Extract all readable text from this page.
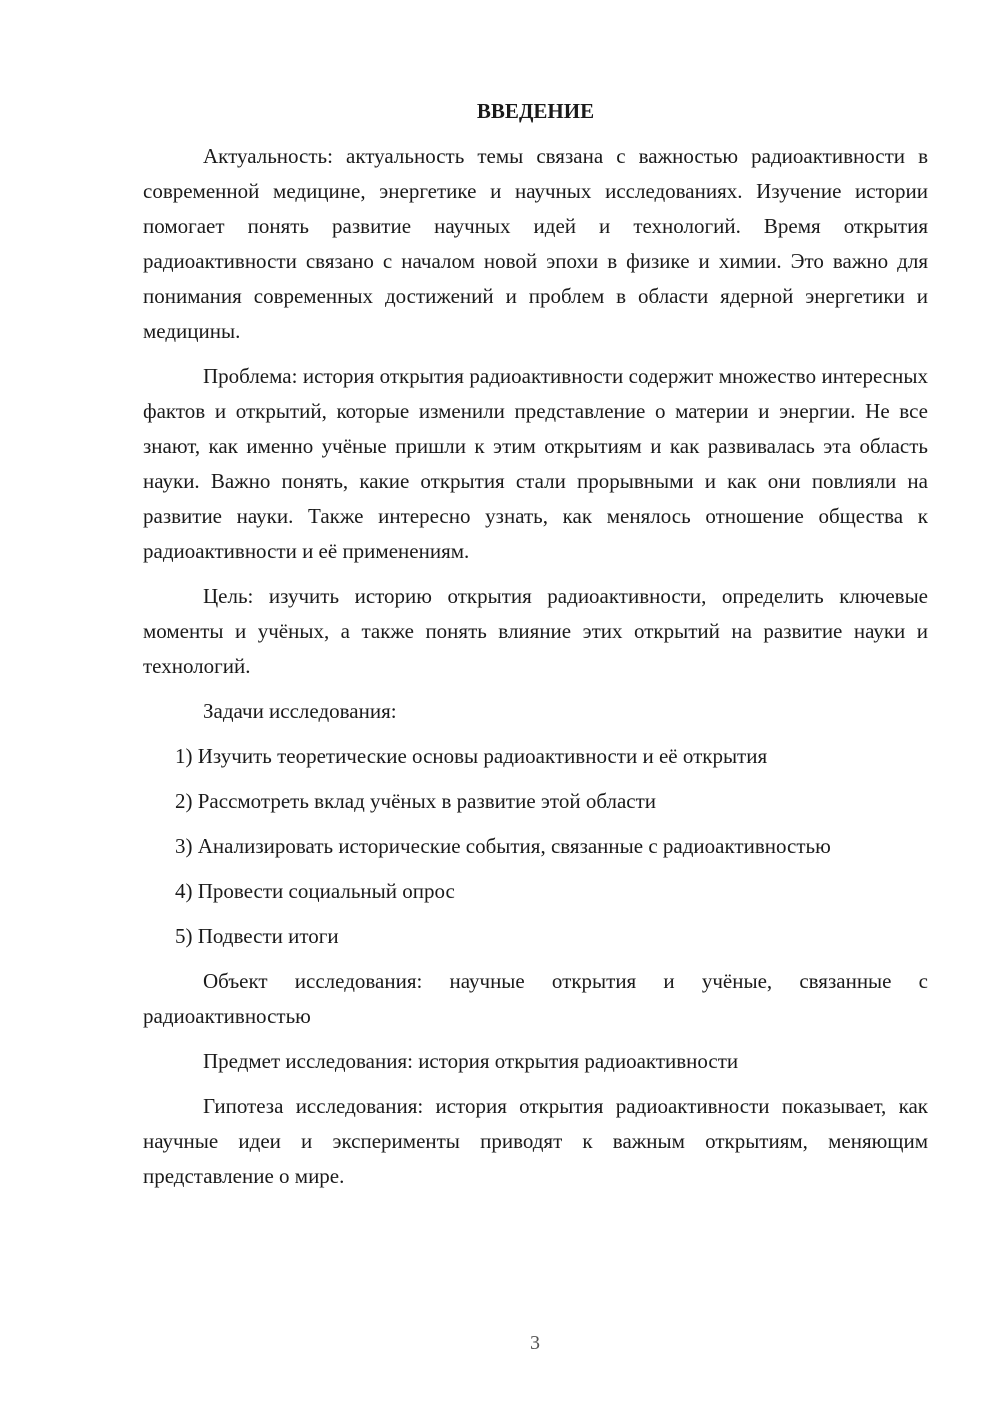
ВВЕДЕНИЕ

Актуальность: актуальность темы связана с важностью радиоактивности в современной медицине, энергетике и научных исследованиях. Изучение истории помогает понять развитие научных идей и технологий. Время открытия радиоактивности связано с началом новой эпохи в физике и химии. Это важно для понимания современных достижений и проблем в области ядерной энергетики и медицины.

Проблема: история открытия радиоактивности содержит множество интересных фактов и открытий, которые изменили представление о материи и энергии. Не все знают, как именно учёные пришли к этим открытиям и как развивалась эта область науки. Важно понять, какие открытия стали прорывными и как они повлияли на развитие науки. Также интересно узнать, как менялось отношение общества к радиоактивности и её применениям.

Цель: изучить историю открытия радиоактивности, определить ключевые моменты и учёных, а также понять влияние этих открытий на развитие науки и технологий.

Задачи исследования:

1) Изучить теоретические основы радиоактивности и её открытия

2) Рассмотреть вклад учёных в развитие этой области

3) Анализировать исторические события, связанные с радиоактивностью

4) Провести социальный опрос

5) Подвести итоги

Объект исследования: научные открытия и учёные, связанные с радиоактивностью

Предмет исследования: история открытия радиоактивности

Гипотеза исследования: история открытия радиоактивности показывает, как научные идеи и эксперименты приводят к важным открытиям, меняющим представление о мире.

3
